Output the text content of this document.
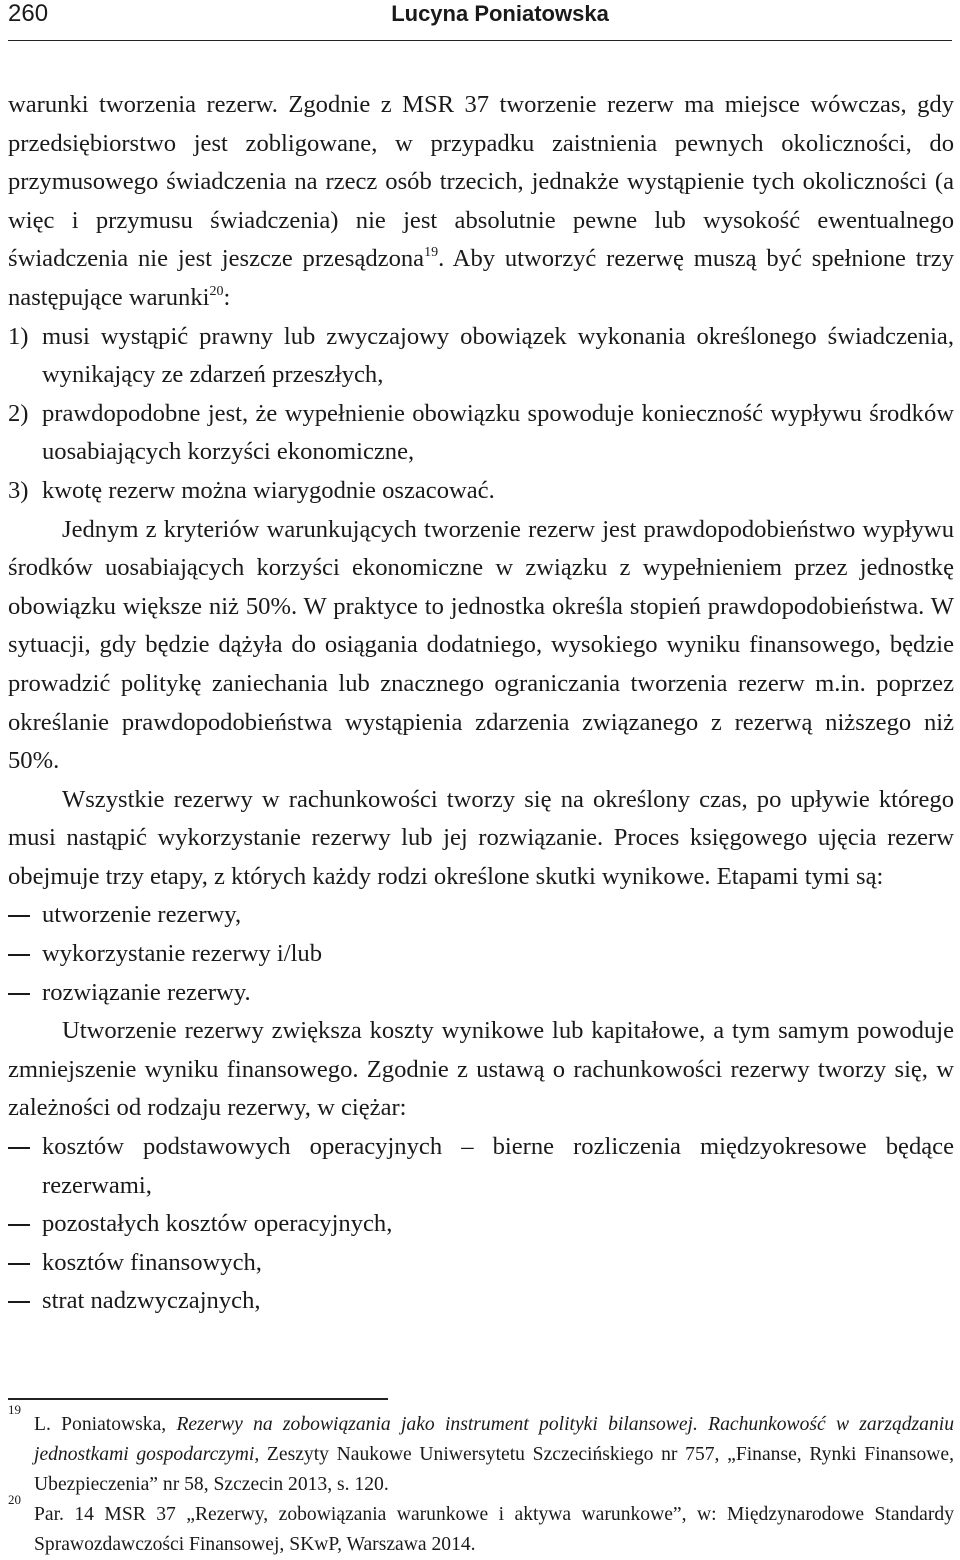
260	Lucyna Poniatowska

warunki tworzenia rezerw. Zgodnie z MSR 37 tworzenie rezerw ma miejsce wówczas, gdy przedsiębiorstwo jest zobligowane, w przypadku zaistnienia pewnych okoliczności, do przymusowego świadczenia na rzecz osób trzecich, jednakże wystąpienie tych okoliczności (a więc i przymusu świadczenia) nie jest absolutnie pewne lub wysokość ewentualnego świadczenia nie jest jeszcze przesądzona$^{19}$. Aby utworzyć rezerwę muszą być spełnione trzy następujące warunki$^{20}$:

1) musi wystąpić prawny lub zwyczajowy obowiązek wykonania określonego świadczenia, wynikający ze zdarzeń przeszłych,
2) prawdopodobne jest, że wypełnienie obowiązku spowoduje konieczność wypływu środków uosabiających korzyści ekonomiczne,
3) kwotę rezerw można wiarygodnie oszacować.

Jednym z kryteriów warunkujących tworzenie rezerw jest prawdopodobieństwo wypływu środków uosabiających korzyści ekonomiczne w związku z wypełnieniem przez jednostkę obowiązku większe niż 50%. W praktyce to jednostka określa stopień prawdopodobieństwa. W sytuacji, gdy będzie dążyła do osiągania dodatniego, wysokiego wyniku finansowego, będzie prowadzić politykę zaniechania lub znacznego ograniczania tworzenia rezerw m.in. poprzez określanie prawdopodobieństwa wystąpienia zdarzenia związanego z rezerwą niższego niż 50%.

Wszystkie rezerwy w rachunkowości tworzy się na określony czas, po upływie którego musi nastąpić wykorzystanie rezerwy lub jej rozwiązanie. Proces księgowego ujęcia rezerw obejmuje trzy etapy, z których każdy rodzi określone skutki wynikowe. Etapami tymi są:

utworzenie rezerwy,
wykorzystanie rezerwy i/lub
rozwiązanie rezerwy.

Utworzenie rezerwy zwiększa koszty wynikowe lub kapitałowe, a tym samym powoduje zmniejszenie wyniku finansowego. Zgodnie z ustawą o rachunkowości rezerwy tworzy się, w zależności od rodzaju rezerwy, w ciężar:

kosztów podstawowych operacyjnych – bierne rozliczenia międzyokresowe będące rezerwami,
pozostałych kosztów operacyjnych,
kosztów finansowych,
strat nadzwyczajnych,

19
L. Poniatowska, Rezerwy na zobowiązania jako instrument polityki bilansowej. Rachunkowość w zarządzaniu jednostkami gospodarczymi, Zeszyty Naukowe Uniwersytetu Szczecińskiego nr 757, „Finanse, Rynki Finansowe, Ubezpieczenia” nr 58, Szczecin 2013, s. 120.

20
Par. 14 MSR 37 „Rezerwy, zobowiązania warunkowe i aktywa warunkowe”, w: Międzynarodowe Standardy Sprawozdawczości Finansowej, SKwP, Warszawa 2014.
